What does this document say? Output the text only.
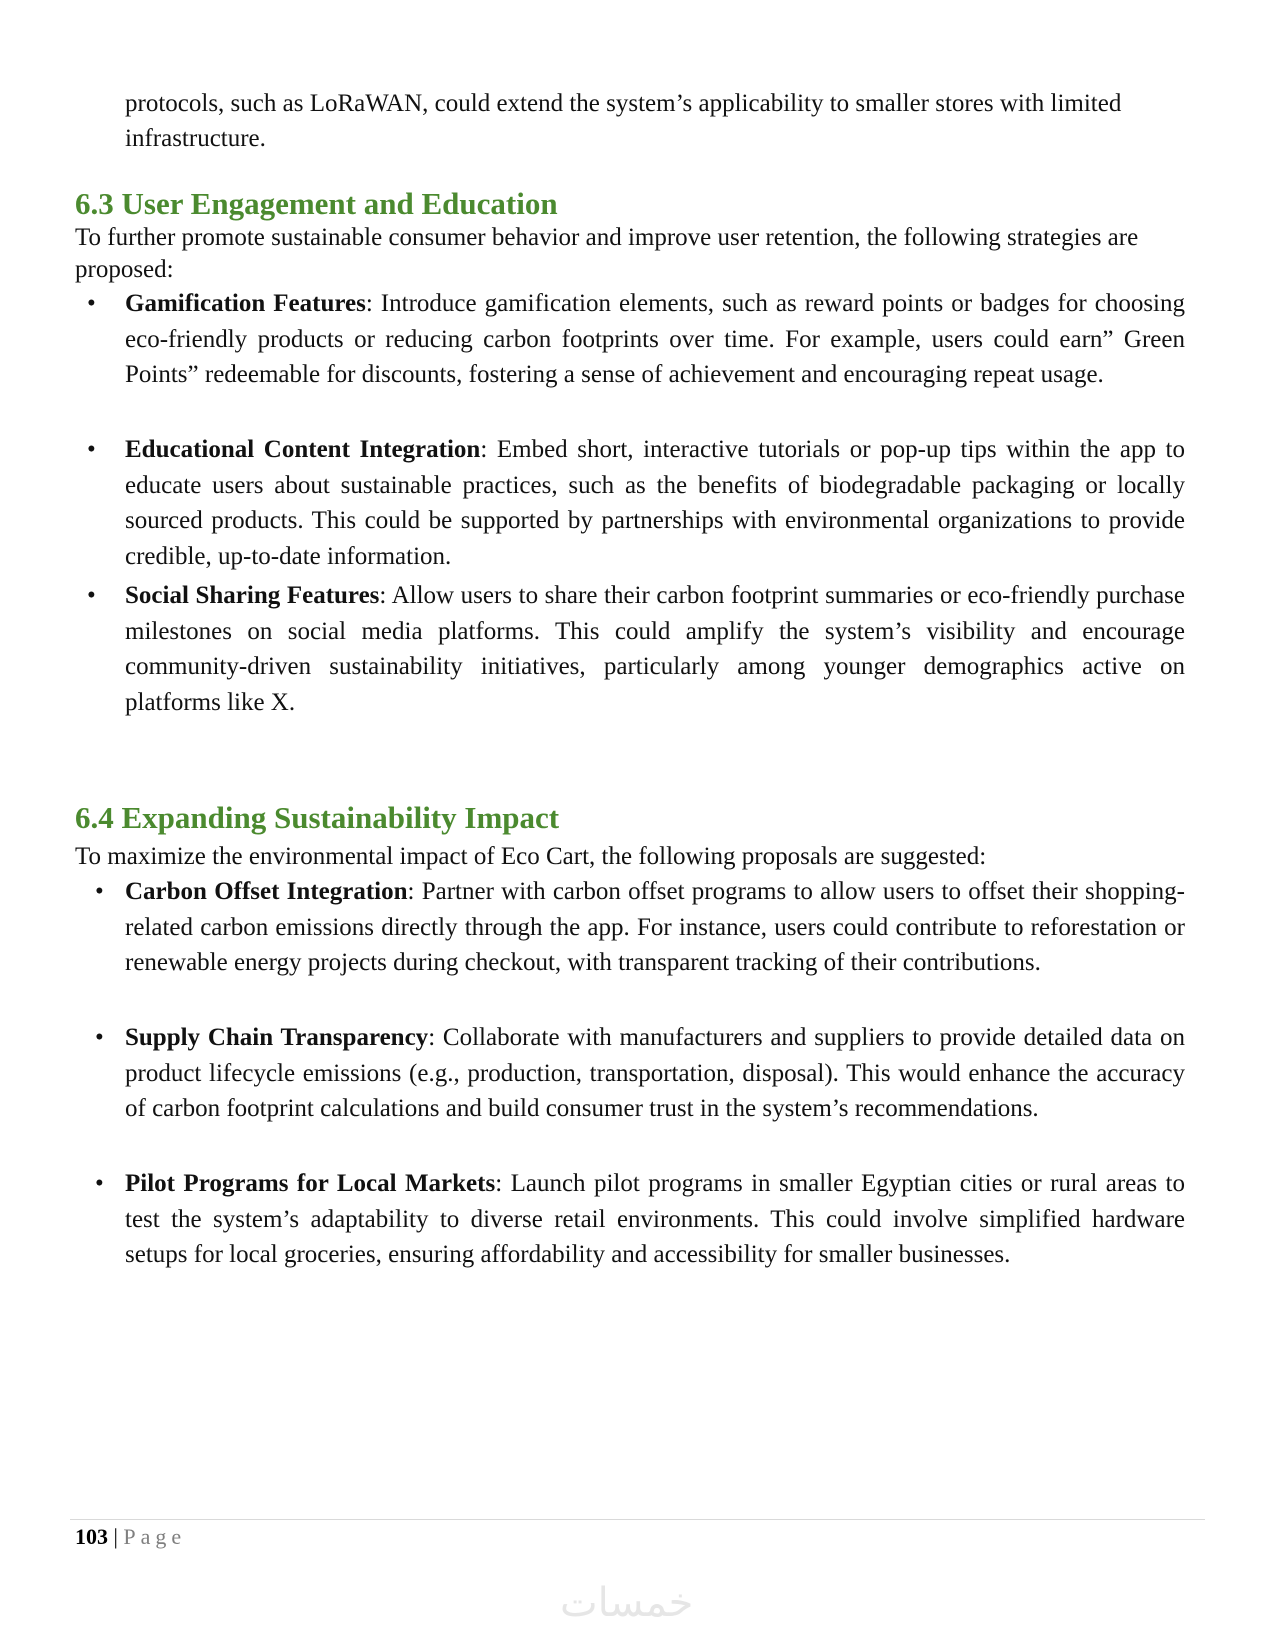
protocols, such as LoRaWAN, could extend the system’s applicability to smaller stores with limited infrastructure.
6.3 User Engagement and Education
To further promote sustainable consumer behavior and improve user retention, the following strategies are proposed:
• Gamification Features: Introduce gamification elements, such as reward points or badges for choosing eco-friendly products or reducing carbon footprints over time. For example, users could earn” Green Points” redeemable for discounts, fostering a sense of achievement and encouraging repeat usage.
• Educational Content Integration: Embed short, interactive tutorials or pop-up tips within the app to educate users about sustainable practices, such as the benefits of biodegradable packaging or locally sourced products. This could be supported by partnerships with environmental organizations to provide credible, up-to-date information.
• Social Sharing Features: Allow users to share their carbon footprint summaries or eco-friendly purchase milestones on social media platforms. This could amplify the system’s visibility and encourage community-driven sustainability initiatives, particularly among younger demographics active on platforms like X.
6.4 Expanding Sustainability Impact
To maximize the environmental impact of Eco Cart, the following proposals are suggested:
• Carbon Offset Integration: Partner with carbon offset programs to allow users to offset their shopping-related carbon emissions directly through the app. For instance, users could contribute to reforestation or renewable energy projects during checkout, with transparent tracking of their contributions.
• Supply Chain Transparency: Collaborate with manufacturers and suppliers to provide detailed data on product lifecycle emissions (e.g., production, transportation, disposal). This would enhance the accuracy of carbon footprint calculations and build consumer trust in the system’s recommendations.
• Pilot Programs for Local Markets: Launch pilot programs in smaller Egyptian cities or rural areas to test the system’s adaptability to diverse retail environments. This could involve simplified hardware setups for local groceries, ensuring affordability and accessibility for smaller businesses.
103 | Page
خمسات
